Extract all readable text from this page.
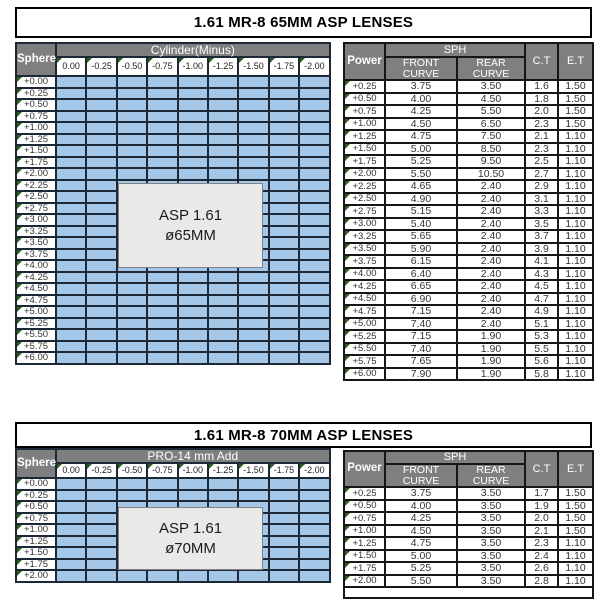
1.61 MR-8 65MM ASP LENSES
Sphere	Cylinder(Minus)								
	0.00	-0.25	-0.50	-0.75	-1.00	-1.25	-1.50	-1.75	-2.00
+0.00									
+0.25									
+0.50									
+0.75									
+1.00									
+1.25									
+1.50									
+1.75									
+2.00									
+2.25									
+2.50									
+2.75									
+3.00									
+3.25									
+3.50									
+3.75									
+4.00									
+4.25									
+4.50									
+4.75									
+5.00									
+5.25									
+5.50									
+5.75									
+6.00									
ASP 1.61
ø65MM
Power	SPH		C.T	E.T
	FRONT CURVE	REAR CURVE		
+0.25	3.75	3.50	1.6	1.50
+0.50	4.00	4.50	1.8	1.50
+0.75	4.25	5.50	2.0	1.50
+1.00	4.50	6.50	2.3	1.50
+1.25	4.75	7.50	2.1	1.10
+1.50	5.00	8.50	2.3	1.10
+1.75	5.25	9.50	2.5	1.10
+2.00	5.50	10.50	2.7	1.10
+2.25	4.65	2.40	2.9	1.10
+2.50	4.90	2.40	3.1	1.10
+2.75	5.15	2.40	3.3	1.10
+3.00	5.40	2.40	3.5	1.10
+3.25	5.65	2.40	3.7	1.10
+3.50	5.90	2.40	3.9	1.10
+3.75	6.15	2.40	4.1	1.10
+4.00	6.40	2.40	4.3	1.10
+4.25	6.65	2.40	4.5	1.10
+4.50	6.90	2.40	4.7	1.10
+4.75	7.15	2.40	4.9	1.10
+5.00	7.40	2.40	5.1	1.10
+5.25	7.15	1.90	5.3	1.10
+5.50	7.40	1.90	5.5	1.10
+5.75	7.65	1.90	5.6	1.10
+6.00	7.90	1.90	5.8	1.10
1.61 MR-8 70MM ASP LENSES
Sphere	PRO-14 mm Add								
	0.00	-0.25	-0.50	-0.75	-1.00	-1.25	-1.50	-1.75	-2.00
+0.00									
+0.25									
+0.50									
+0.75									
+1.00									
+1.25									
+1.50									
+1.75									
+2.00									
ASP 1.61
ø70MM
Power	SPH		C.T	E.T
	FRONT CURVE	REAR CURVE		
+0.25	3.75	3.50	1.7	1.50
+0.50	4.00	3.50	1.9	1.50
+0.75	4.25	3.50	2.0	1.50
+1.00	4.50	3.50	2.1	1.50
+1.25	4.75	3.50	2.3	1.10
+1.50	5.00	3.50	2.4	1.10
+1.75	5.25	3.50	2.6	1.10
+2.00	5.50	3.50	2.8	1.10
